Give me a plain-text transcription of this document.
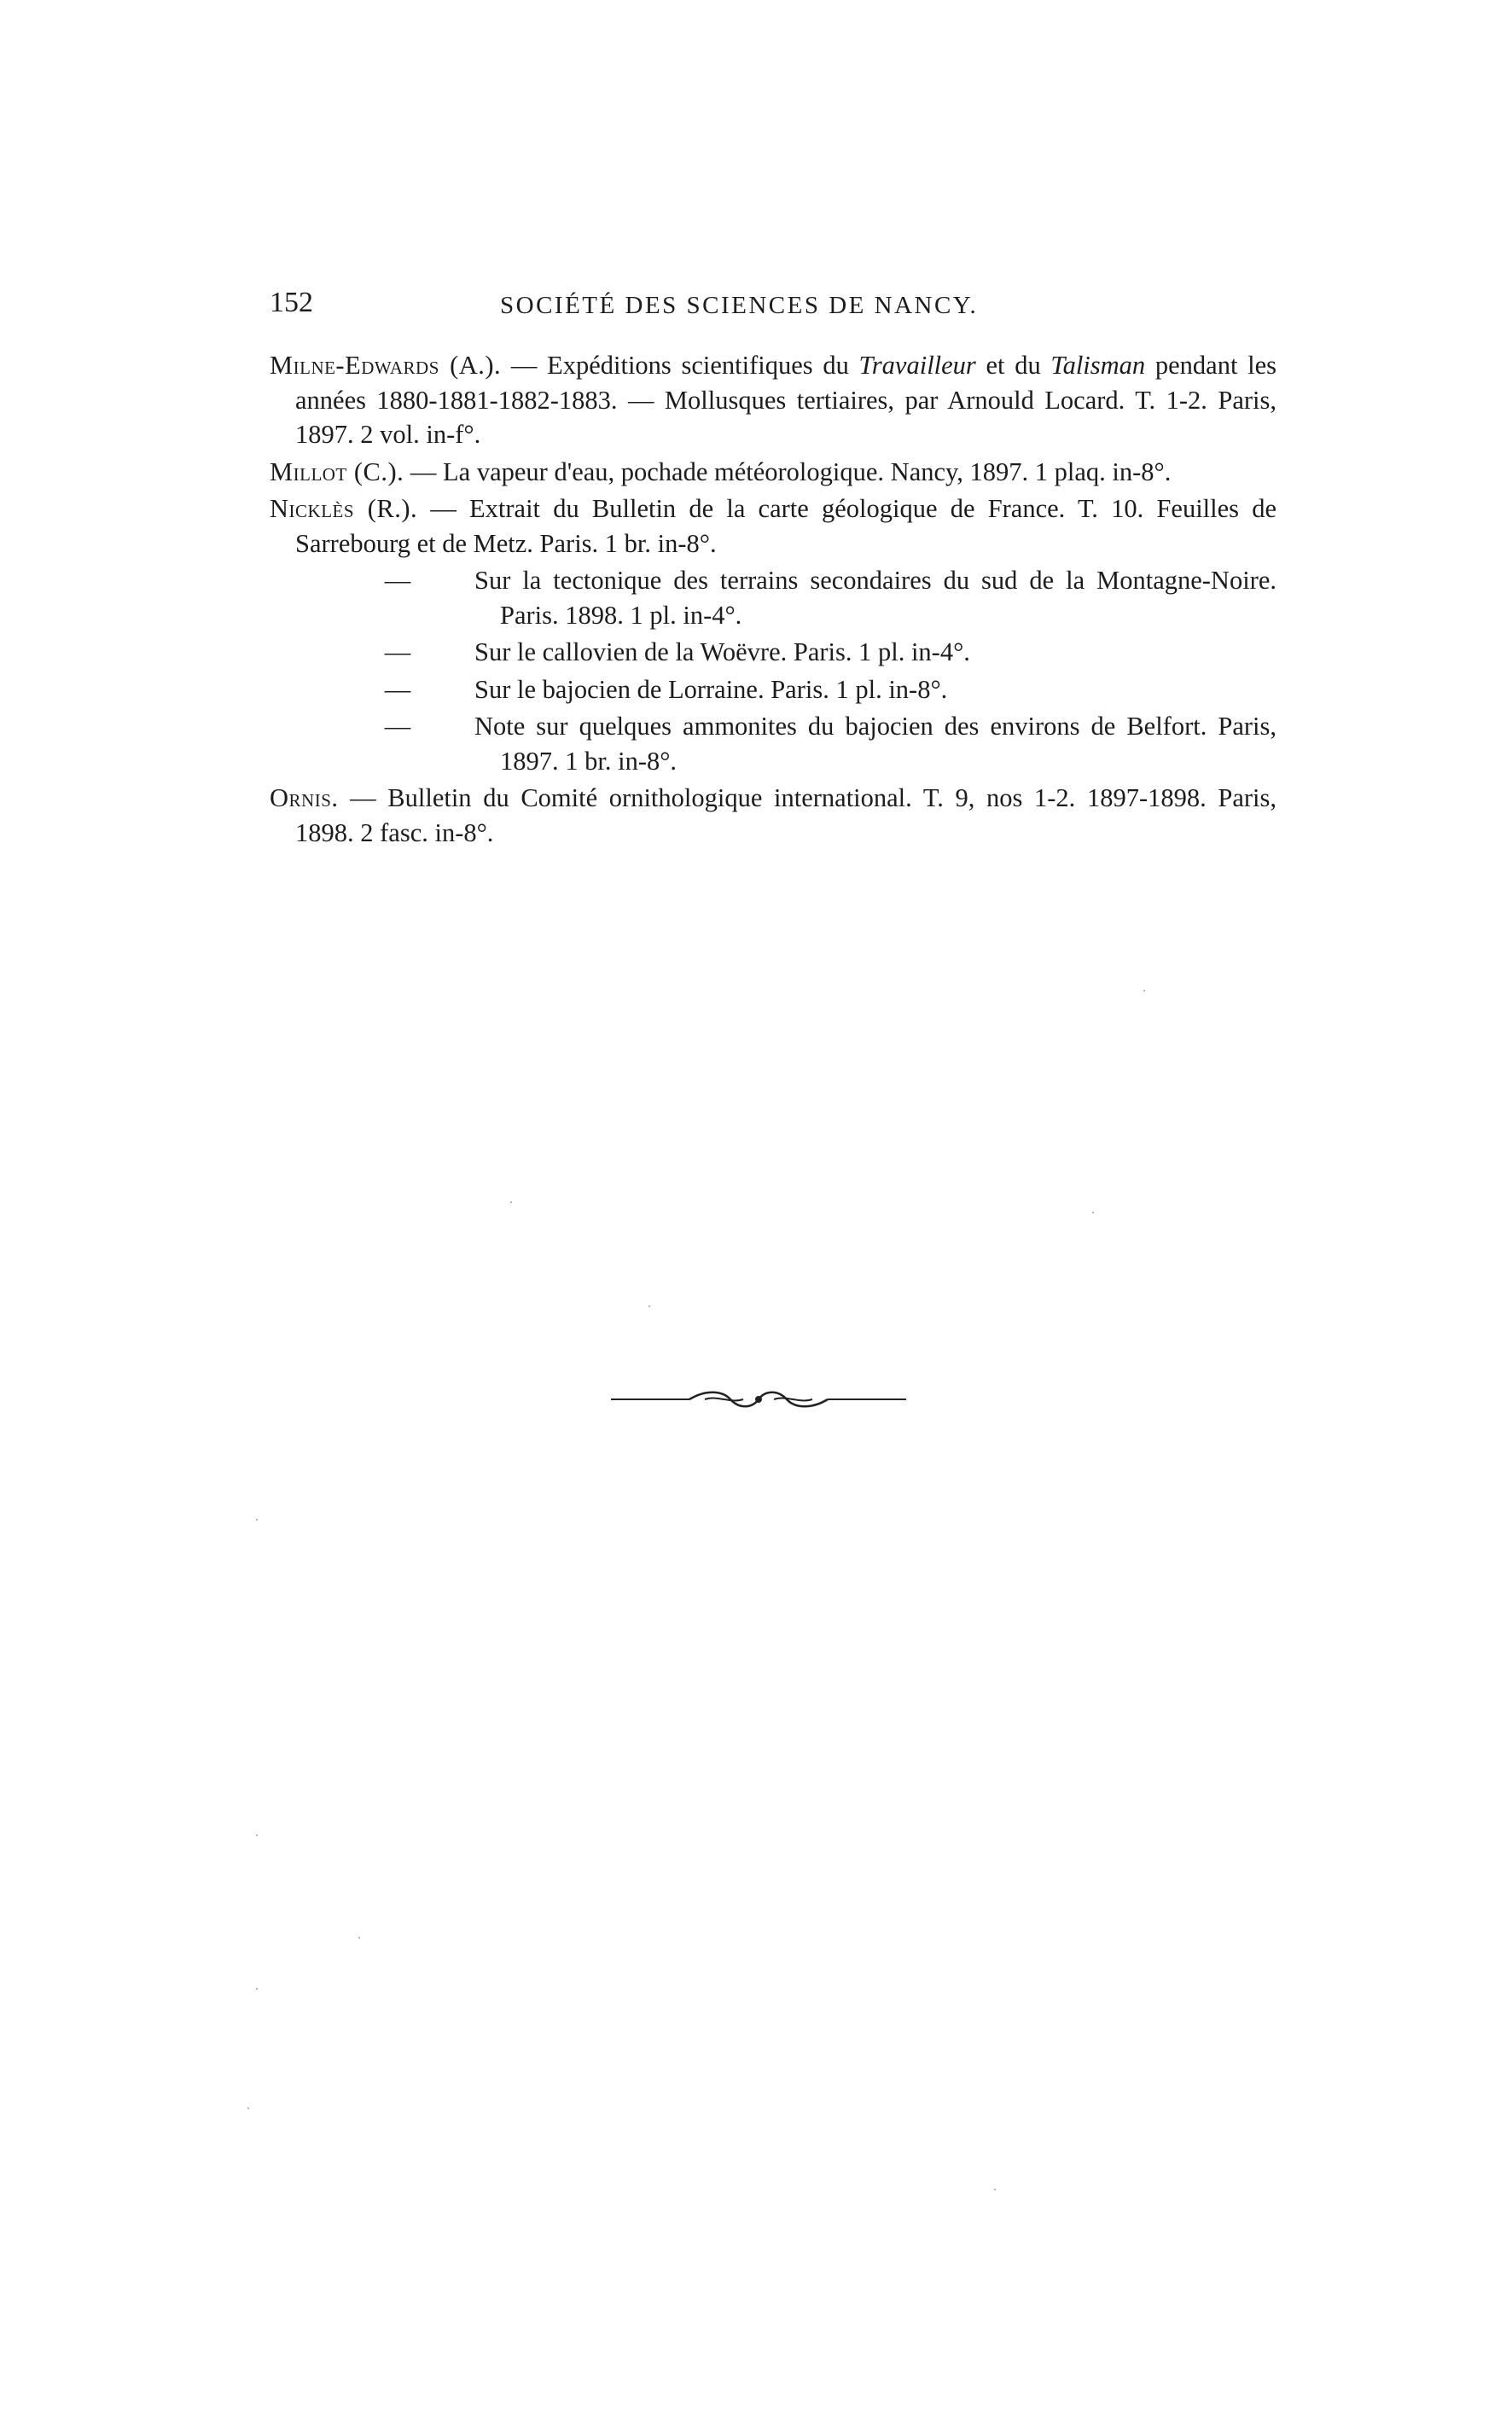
152	SOCIÉTÉ DES SCIENCES DE NANCY.

Milne-Edwards (A.). — Expéditions scientifiques du Travailleur et du Talisman pendant les années 1880-1881-1882-1883. — Mollusques tertiaires, par Arnould Locard. T. 1-2. Paris, 1897. 2 vol. in-f°.

Millot (C.). — La vapeur d'eau, pochade météorologique. Nancy, 1897. 1 plaq. in-8°.

Nicklès (R.). — Extrait du Bulletin de la carte géologique de France. T. 10. Feuilles de Sarrebourg et de Metz. Paris. 1 br. in-8°.

—	Sur la tectonique des terrains secondaires du sud de la Montagne-Noire. Paris. 1898. 1 pl. in-4°.
—	Sur le callovien de la Woëvre. Paris. 1 pl. in-4°.
—	Sur le bajocien de Lorraine. Paris. 1 pl. in-8°.
—	Note sur quelques ammonites du bajocien des environs de Belfort. Paris, 1897. 1 br. in-8°.

Ornis. — Bulletin du Comité ornithologique international. T. 9, nos 1-2. 1897-1898. Paris, 1898. 2 fasc. in-8°.
